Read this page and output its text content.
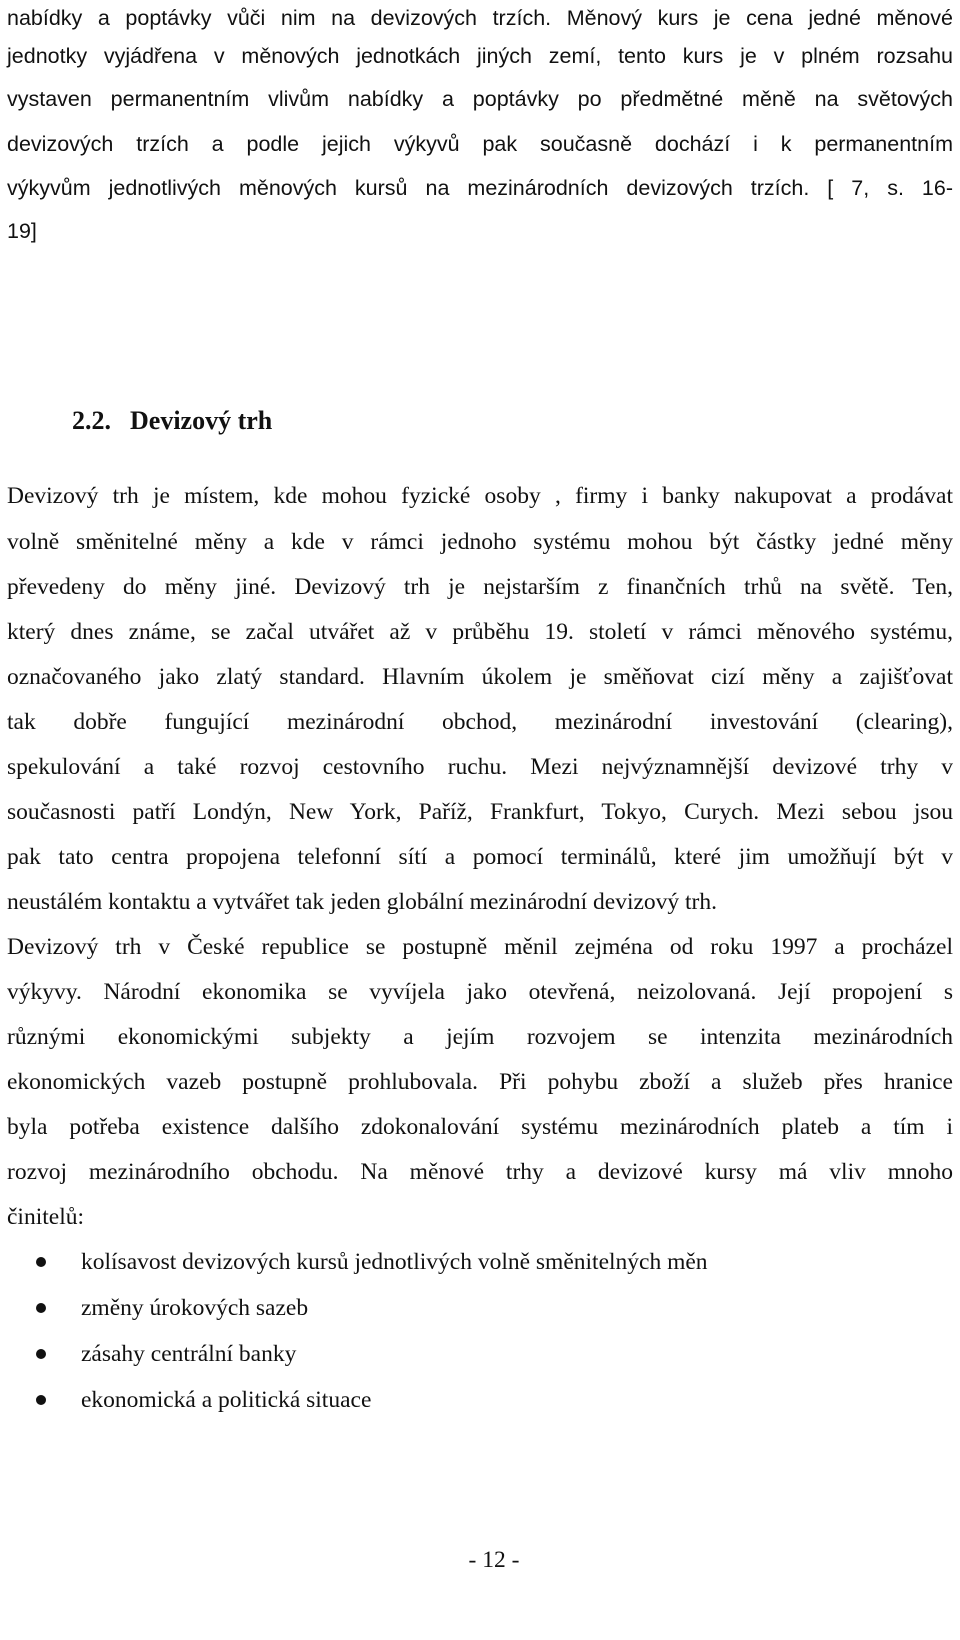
nabídky a poptávky vůči nim na devizových trzích. Měnový kurs je cena jedné měnové
jednotky vyjádřena v měnových jednotkách jiných zemí, tento kurs je v plném rozsahu
vystaven permanentním vlivům nabídky a poptávky po předmětné měně na světových
devizových trzích a podle jejich výkyvů pak současně dochází i k permanentním
výkyvům jednotlivých měnových kursů na mezinárodních devizových trzích. [ 7, s. 16-
19]
2.2. Devizový trh
Devizový trh je místem, kde mohou fyzické osoby , firmy i banky nakupovat a prodávat
volně směnitelné měny a kde v rámci jednoho systému mohou být částky jedné měny
převedeny do měny jiné. Devizový trh je nejstarším z finančních trhů na světě. Ten,
který dnes známe, se začal utvářet až v průběhu 19. století v rámci měnového systému,
označovaného jako zlatý standard. Hlavním úkolem je směňovat cizí měny a zajišťovat
tak dobře fungující mezinárodní obchod, mezinárodní investování (clearing),
spekulování a také rozvoj cestovního ruchu. Mezi nejvýznamnější devizové trhy v
současnosti patří Londýn, New York, Paříž, Frankfurt, Tokyo, Curych. Mezi sebou jsou
pak tato centra propojena telefonní sítí a pomocí terminálů, které jim umožňují být v
neustálém kontaktu a vytvářet tak jeden globální mezinárodní devizový trh.
Devizový trh v České republice se postupně měnil zejména od roku 1997 a procházel
výkyvy. Národní ekonomika se vyvíjela jako otevřená, neizolovaná. Její propojení s
různými ekonomickými subjekty a jejím rozvojem se intenzita mezinárodních
ekonomických vazeb postupně prohlubovala. Při pohybu zboží a služeb přes hranice
byla potřeba existence dalšího zdokonalování systému mezinárodních plateb a tím i
rozvoj mezinárodního obchodu. Na měnové trhy a devizové kursy má vliv mnoho
činitelů:
kolísavost devizových kursů jednotlivých volně směnitelných měn
změny úrokových sazeb
zásahy centrální banky
ekonomická a politická situace
- 12 -
